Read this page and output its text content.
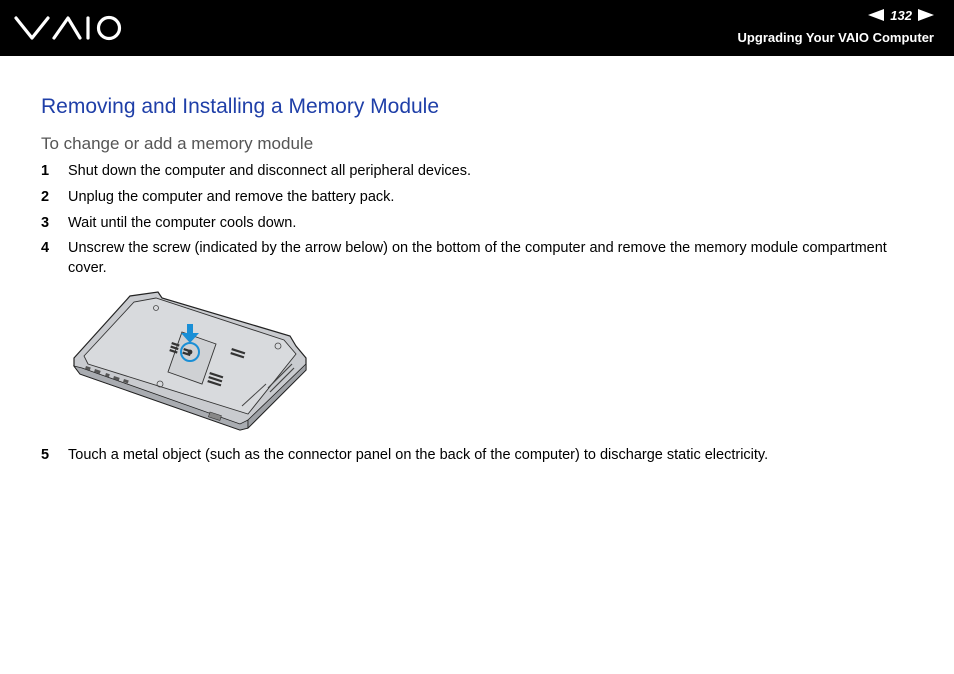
132
Upgrading Your VAIO Computer
Removing and Installing a Memory Module
To change or add a memory module
1	Shut down the computer and disconnect all peripheral devices.
2	Unplug the computer and remove the battery pack.
3	Wait until the computer cools down.
4	Unscrew the screw (indicated by the arrow below) on the bottom of the computer and remove the memory module compartment cover.
5	Touch a metal object (such as the connector panel on the back of the computer) to discharge static electricity.
